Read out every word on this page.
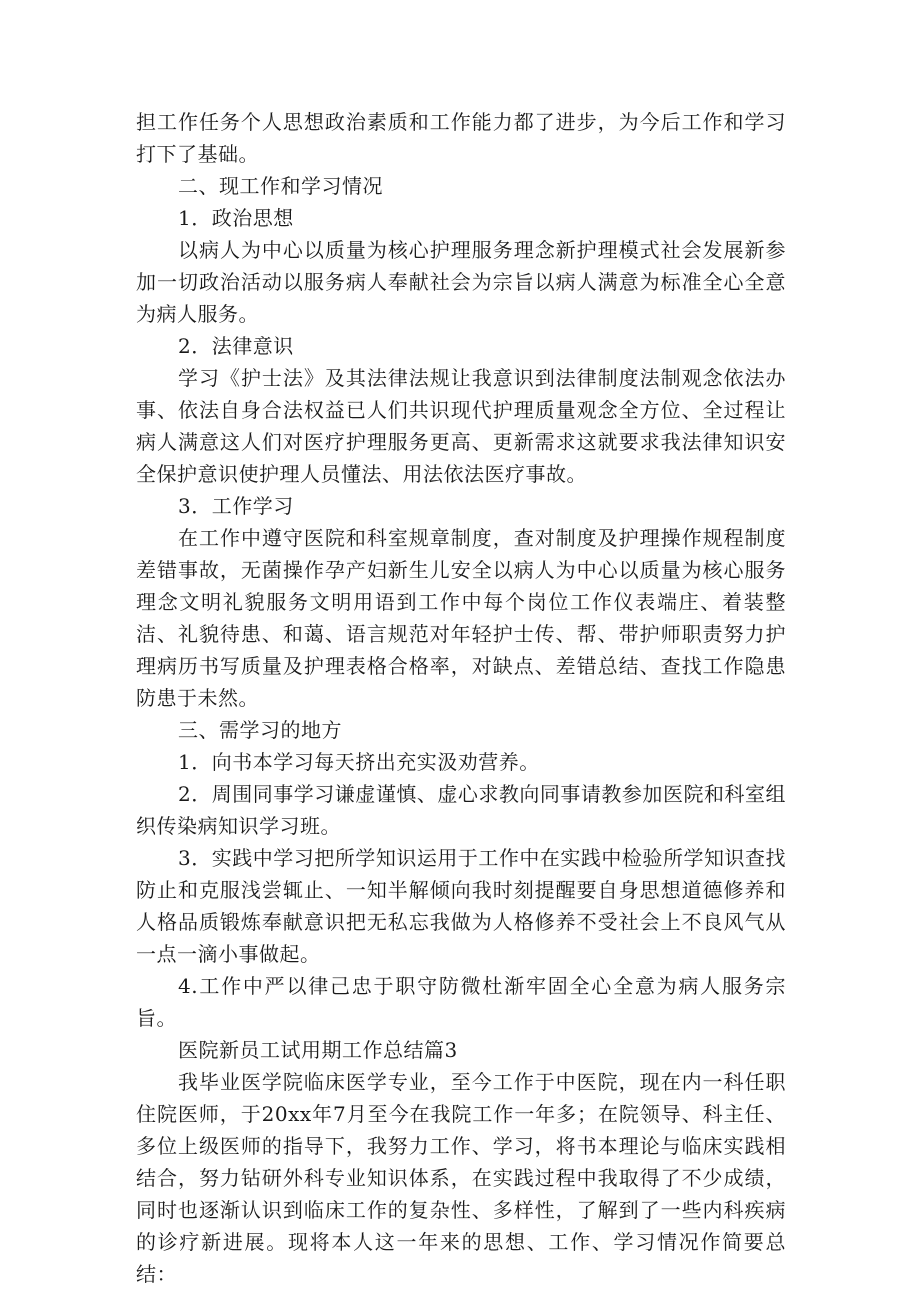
担工作任务个人思想政治素质和工作能力都了进步，为今后工作和学习打下了基础。

二、现工作和学习情况

1．政治思想

以病人为中心以质量为核心护理服务理念新护理模式社会发展新参加一切政治活动以服务病人奉献社会为宗旨以病人满意为标准全心全意为病人服务。

2．法律意识

学习《护士法》及其法律法规让我意识到法律制度法制观念依法办事、依法自身合法权益已人们共识现代护理质量观念全方位、全过程让病人满意这人们对医疗护理服务更高、更新需求这就要求我法律知识安全保护意识使护理人员懂法、用法依法医疗事故。

3．工作学习

在工作中遵守医院和科室规章制度，查对制度及护理操作规程制度差错事故，无菌操作孕产妇新生儿安全以病人为中心以质量为核心服务理念文明礼貌服务文明用语到工作中每个岗位工作仪表端庄、着装整洁、礼貌待患、和蔼、语言规范对年轻护士传、帮、带护师职责努力护理病历书写质量及护理表格合格率，对缺点、差错总结、查找工作隐患防患于未然。

三、需学习的地方

1．向书本学习每天挤出充实汲劝营养。

2．周围同事学习谦虚谨慎、虚心求教向同事请教参加医院和科室组织传染病知识学习班。

3．实践中学习把所学知识运用于工作中在实践中检验所学知识查找防止和克服浅尝辄止、一知半解倾向我时刻提醒要自身思想道德修养和人格品质锻炼奉献意识把无私忘我做为人格修养不受社会上不良风气从一点一滴小事做起。

4.工作中严以律己忠于职守防微杜渐牢固全心全意为病人服务宗旨。

医院新员工试用期工作总结篇3

我毕业医学院临床医学专业，至今工作于中医院，现在内一科任职住院医师，于20xx年7月至今在我院工作一年多；在院领导、科主任、多位上级医师的指导下，我努力工作、学习，将书本理论与临床实践相结合，努力钻研外科专业知识体系，在实践过程中我取得了不少成绩，同时也逐渐认识到临床工作的复杂性、多样性，了解到了一些内科疾病的诊疗新进展。现将本人这一年来的思想、工作、学习情况作简要总结：
